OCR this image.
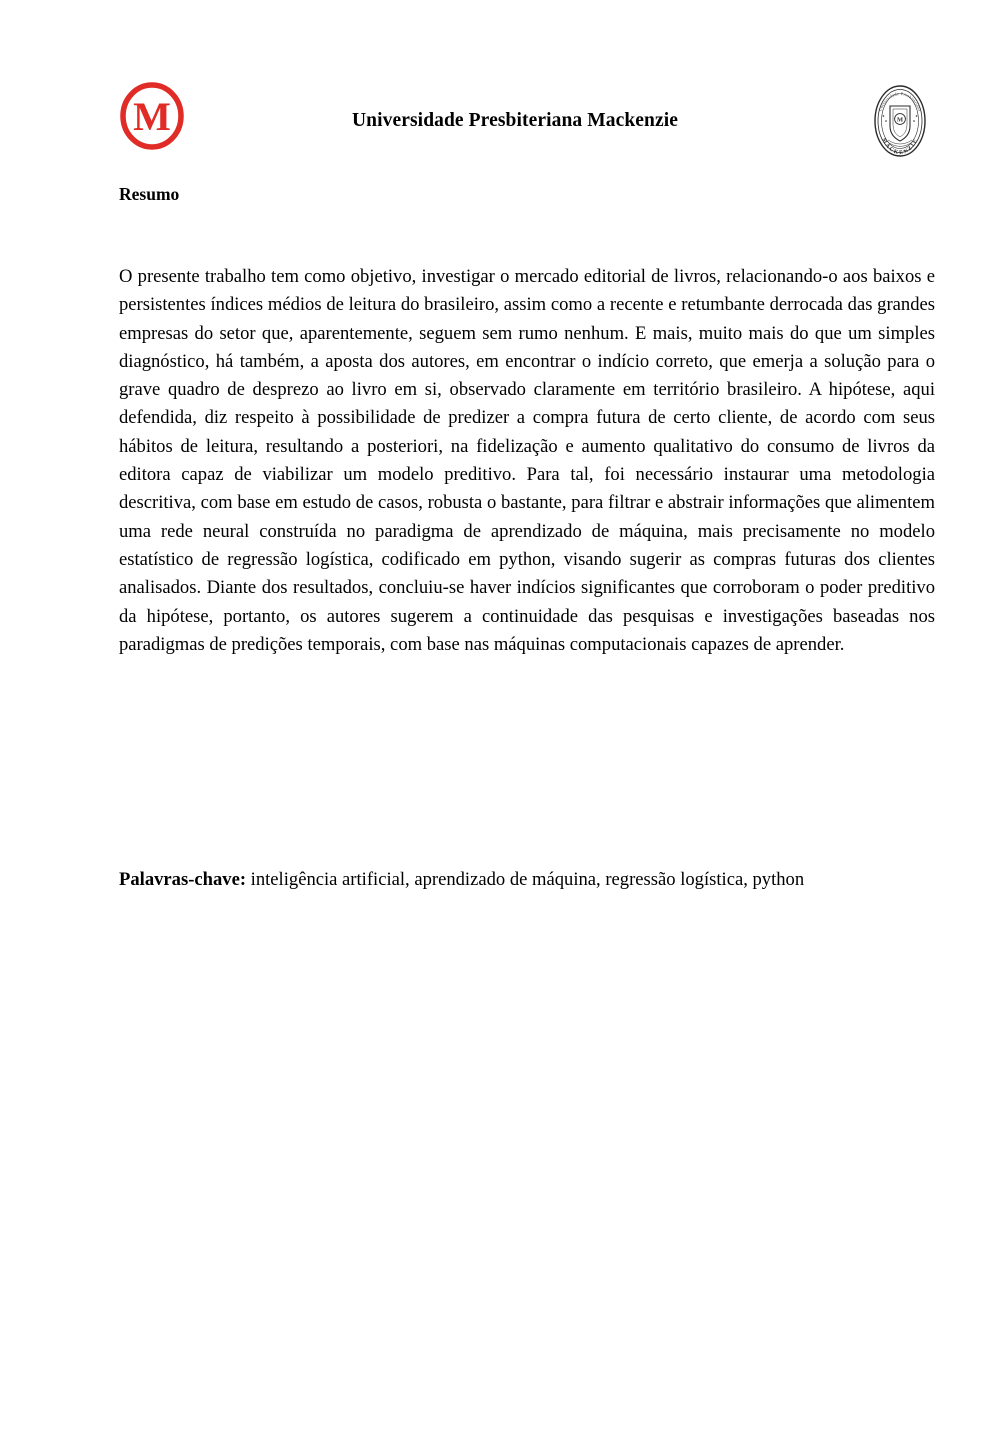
M	Universidade Presbiteriana Mackenzie
Universidade Presbiteriana
MACKENZIE
M
Resumo

O presente trabalho tem como objetivo, investigar o mercado editorial de livros, relacionando-o aos baixos e persistentes índices médios de leitura do brasileiro, assim como a recente e retumbante derrocada das grandes empresas do setor que, aparentemente, seguem sem rumo nenhum. E mais, muito mais do que um simples diagnóstico, há também, a aposta dos autores, em encontrar o indício correto, que emerja a solução para o grave quadro de desprezo ao livro em si, observado claramente em território brasileiro. A hipótese, aqui defendida, diz respeito à possibilidade de predizer a compra futura de certo cliente, de acordo com seus hábitos de leitura, resultando a posteriori, na fidelização e aumento qualitativo do consumo de livros da editora capaz de viabilizar um modelo preditivo. Para tal, foi necessário instaurar uma metodologia descritiva, com base em estudo de casos, robusta o bastante, para filtrar e abstrair informações que alimentem uma rede neural construída no paradigma de aprendizado de máquina, mais precisamente no modelo estatístico de regressão logística, codificado em python, visando sugerir as compras futuras dos clientes analisados. Diante dos resultados, concluiu-se haver indícios significantes que corroboram o poder preditivo da hipótese, portanto, os autores sugerem a continuidade das pesquisas e investigações baseadas nos paradigmas de predições temporais, com base nas máquinas computacionais capazes de aprender.

Palavras-chave: inteligência artificial, aprendizado de máquina, regressão logística, python
